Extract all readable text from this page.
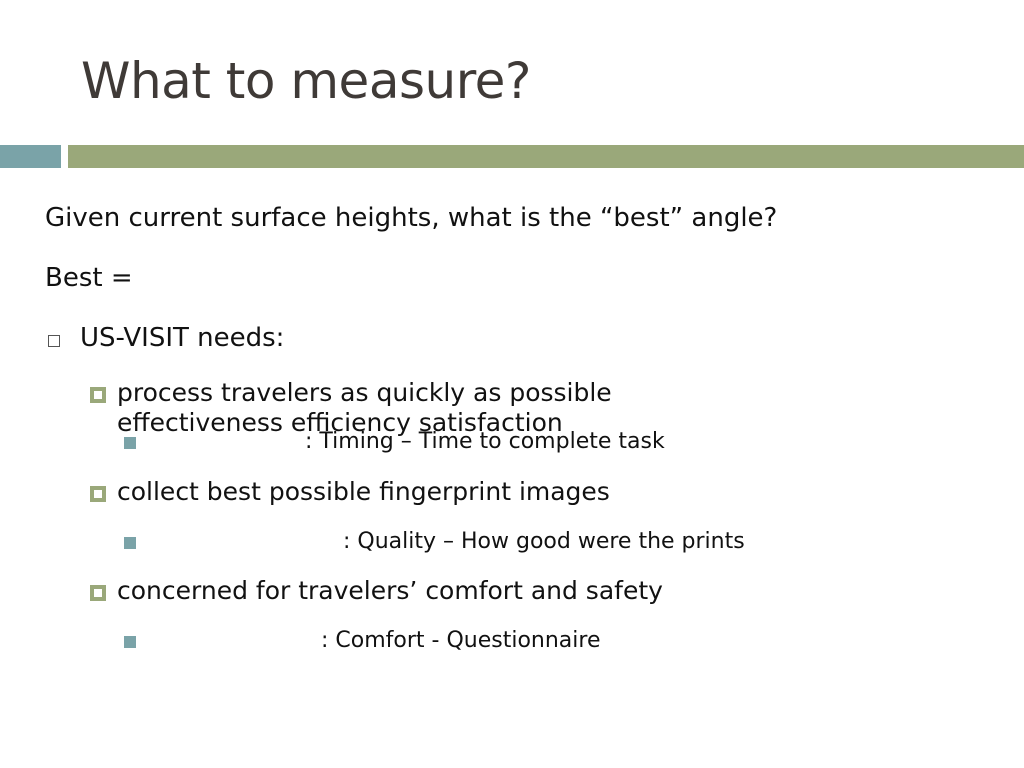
What to measure?
Given current surface heights, what is the “best” angle?
Best =
US-VISIT needs:
process travelers as quickly as possible
effectiveness efficiency satisfaction
: Timing – Time to complete task
collect best possible fingerprint images
: Quality – How good were the prints
concerned for travelers’ comfort and safety
: Comfort - Questionnaire
